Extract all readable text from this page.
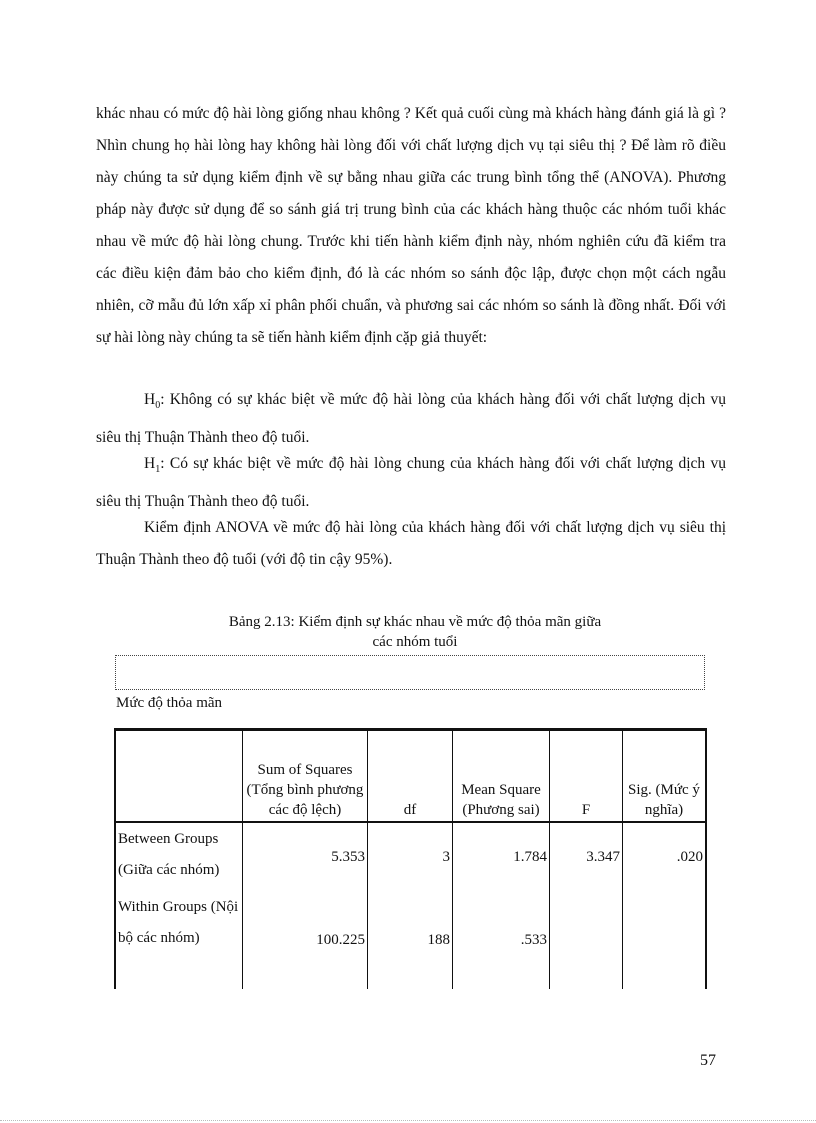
khác nhau có mức độ hài lòng giống nhau không ? Kết quả cuối cùng mà khách hàng đánh giá là gì ? Nhìn chung họ hài lòng hay không hài lòng đối với chất lượng dịch vụ tại siêu thị ? Để làm rõ điều này chúng ta sử dụng kiểm định về sự bằng nhau giữa các trung bình tổng thể (ANOVA). Phương pháp này được sử dụng để so sánh giá trị trung bình của các khách hàng thuộc các nhóm tuổi khác nhau về mức độ hài lòng chung. Trước khi tiến hành kiểm định này, nhóm nghiên cứu đã kiểm tra các điều kiện đảm bảo cho kiểm định, đó là các nhóm so sánh độc lập, được chọn một cách ngẫu nhiên, cỡ mẫu đủ lớn xấp xỉ phân phối chuẩn, và phương sai các nhóm so sánh là đồng nhất. Đối với sự hài lòng này chúng ta sẽ tiến hành kiểm định cặp giả thuyết:

$H_0$: Không có sự khác biệt về mức độ hài lòng của khách hàng đối với chất lượng dịch vụ siêu thị Thuận Thành theo độ tuổi.

$H_1$: Có sự khác biệt về mức độ hài lòng chung của khách hàng đối với chất lượng dịch vụ siêu thị Thuận Thành theo độ tuổi.

Kiểm định ANOVA về mức độ hài lòng của khách hàng đối với chất lượng dịch vụ siêu thị Thuận Thành theo độ tuổi (với độ tin cậy 95%).

Bảng 2.13: Kiểm định sự khác nhau về mức độ thỏa mãn giữa
các nhóm tuổi
Mức độ thỏa mãn
	Sum of Squares (Tổng bình phương các độ lệch)	df	Mean Square (Phương sai)	F	Sig. (Mức ý nghĩa)
Between Groups (Giữa các nhóm)	5.353	3	1.784	3.347	.020
Within Groups (Nội bộ các nhóm)	100.225	188	.533		
57
